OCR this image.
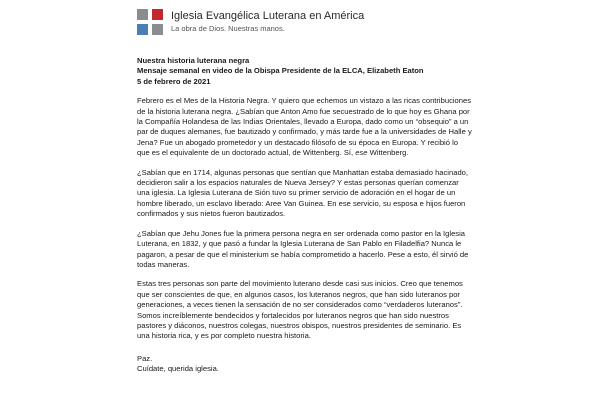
Iglesia Evangélica Luterana en América
La obra de Dios. Nuestras manos.

Nuestra historia luterana negra

Mensaje semanal en video de la Obispa Presidente de la ELCA, Elizabeth Eaton

5 de febrero de 2021

Febrero es el Mes de la Historia Negra. Y quiero que echemos un vistazo a las ricas contribuciones de la historia luterana negra. ¿Sabían que Anton Amo fue secuestrado de lo que hoy es Ghana por la Compañía Holandesa de las Indias Orientales, llevado a Europa, dado como un “obsequio” a un par de duques alemanes, fue bautizado y confirmado, y más tarde fue a la universidades de Halle y Jena? Fue un abogado prometedor y un destacado filósofo de su época en Europa. Y recibió lo que es el equivalente de un doctorado actual, de Wittenberg. Sí, ese Wittenberg.

¿Sabían que en 1714, algunas personas que sentían que Manhattan estaba demasiado hacinado, decidieron salir a los espacios naturales de Nueva Jersey? Y estas personas querían comenzar una iglesia. La Iglesia Luterana de Sión tuvo su primer servicio de adoración en el hogar de un hombre liberado, un esclavo liberado: Aree Van Guinea. En ese servicio, su esposa e hijos fueron confirmados y sus nietos fueron bautizados.

¿Sabían que Jehu Jones fue la primera persona negra en ser ordenada como pastor en la Iglesia Luterana, en 1832, y que pasó a fundar la Iglesia Luterana de San Pablo en Filadelfia? Nunca le pagaron, a pesar de que el ministerium se había comprometido a hacerlo. Pese a esto, él sirvió de todas maneras.

Estas tres personas son parte del movimiento luterano desde casi sus inicios. Creo que tenemos que ser conscientes de que, en algunos casos, los luteranos negros, que han sido luteranos por generaciones, a veces tienen la sensación de no ser considerados como “verdaderos luteranos”. Somos increíblemente bendecidos y fortalecidos por luteranos negros que han sido nuestros pastores y diáconos, nuestros colegas, nuestros obispos, nuestros presidentes de seminario. Es una historia rica, y es por completo nuestra historia.

Paz.

Cuídate, querida iglesia.
